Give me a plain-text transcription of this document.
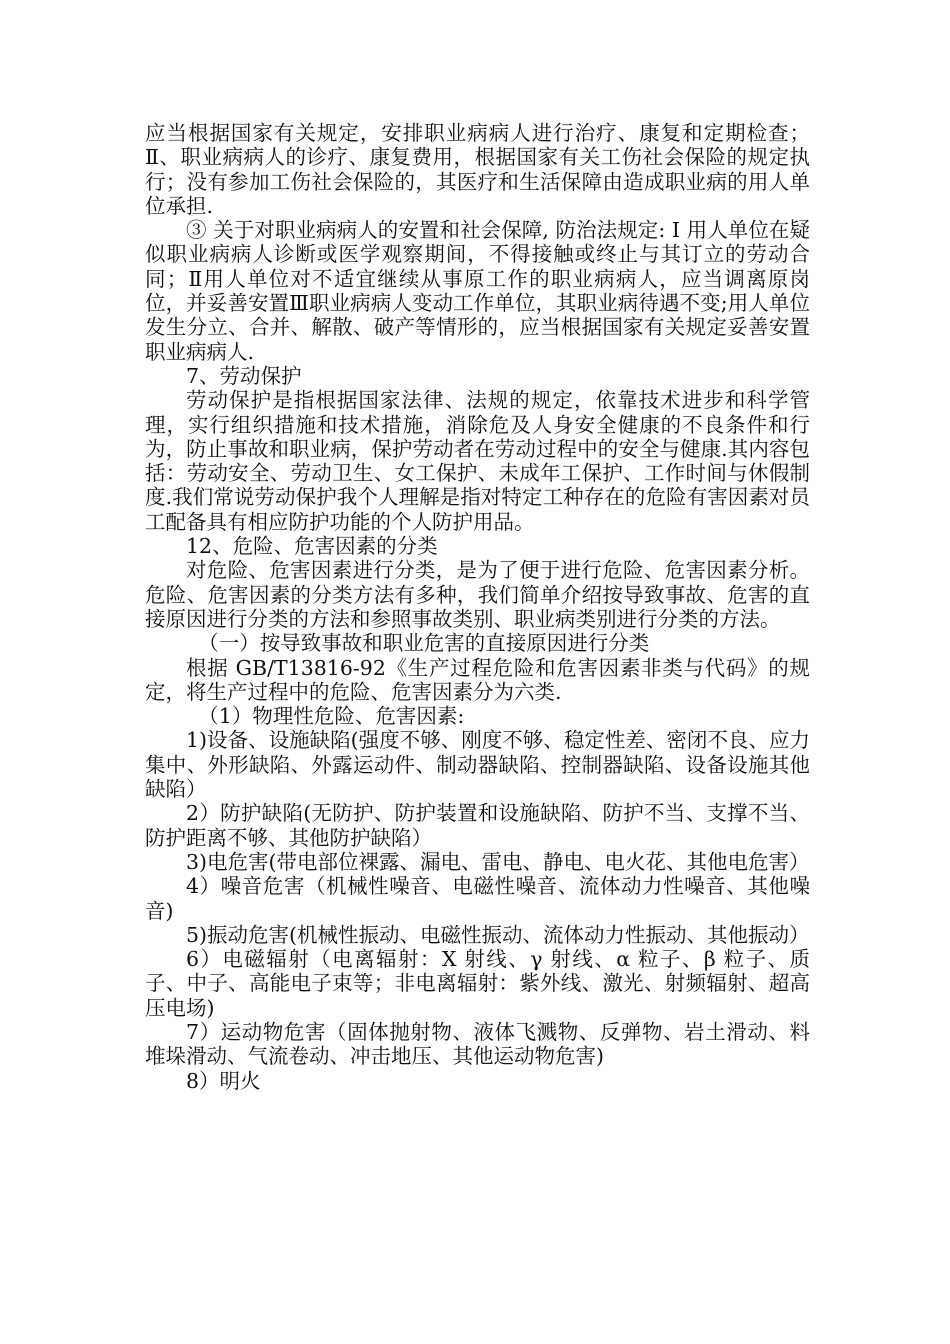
应当根据国家有关规定，安排职业病病人进行治疗、康复和定期检查；Ⅱ、职业病病人的诊疗、康复费用，根据国家有关工伤社会保险的规定执行；没有参加工伤社会保险的，其医疗和生活保障由造成职业病的用人单位承担.

③ 关于对职业病病人的安置和社会保障, 防治法规定: Ⅰ 用人单位在疑似职业病病人诊断或医学观察期间，不得接触或终止与其订立的劳动合同；Ⅱ用人单位对不适宜继续从事原工作的职业病病人，应当调离原岗位，并妥善安置Ⅲ职业病病人变动工作单位，其职业病待遇不变;用人单位发生分立、合并、解散、破产等情形的，应当根据国家有关规定妥善安置职业病病人.

7、劳动保护

劳动保护是指根据国家法律、法规的规定，依靠技术进步和科学管理，实行组织措施和技术措施，消除危及人身安全健康的不良条件和行为，防止事故和职业病，保护劳动者在劳动过程中的安全与健康.其内容包括：劳动安全、劳动卫生、女工保护、未成年工保护、工作时间与休假制度.我们常说劳动保护我个人理解是指对特定工种存在的危险有害因素对员工配备具有相应防护功能的个人防护用品。

12、危险、危害因素的分类

对危险、危害因素进行分类，是为了便于进行危险、危害因素分析。危险、危害因素的分类方法有多种，我们简单介绍按导致事故、危害的直接原因进行分类的方法和参照事故类别、职业病类别进行分类的方法。

（一）按导致事故和职业危害的直接原因进行分类

根据 GB/T13816-92《生产过程危险和危害因素非类与代码》的规定，将生产过程中的危险、危害因素分为六类.

（1）物理性危险、危害因素:

1)设备、设施缺陷(强度不够、刚度不够、稳定性差、密闭不良、应力集中、外形缺陷、外露运动件、制动器缺陷、控制器缺陷、设备设施其他缺陷）

2）防护缺陷(无防护、防护装置和设施缺陷、防护不当、支撑不当、防护距离不够、其他防护缺陷）

3)电危害(带电部位裸露、漏电、雷电、静电、电火花、其他电危害）

4）噪音危害（机械性噪音、电磁性噪音、流体动力性噪音、其他噪音)

5)振动危害(机械性振动、电磁性振动、流体动力性振动、其他振动）

6）电磁辐射（电离辐射：X 射线、γ 射线、α 粒子、β 粒子、质子、中子、高能电子束等；非电离辐射：紫外线、激光、射频辐射、超高压电场)

7）运动物危害（固体抛射物、液体飞溅物、反弹物、岩土滑动、料堆垛滑动、气流卷动、冲击地压、其他运动物危害)

8）明火
